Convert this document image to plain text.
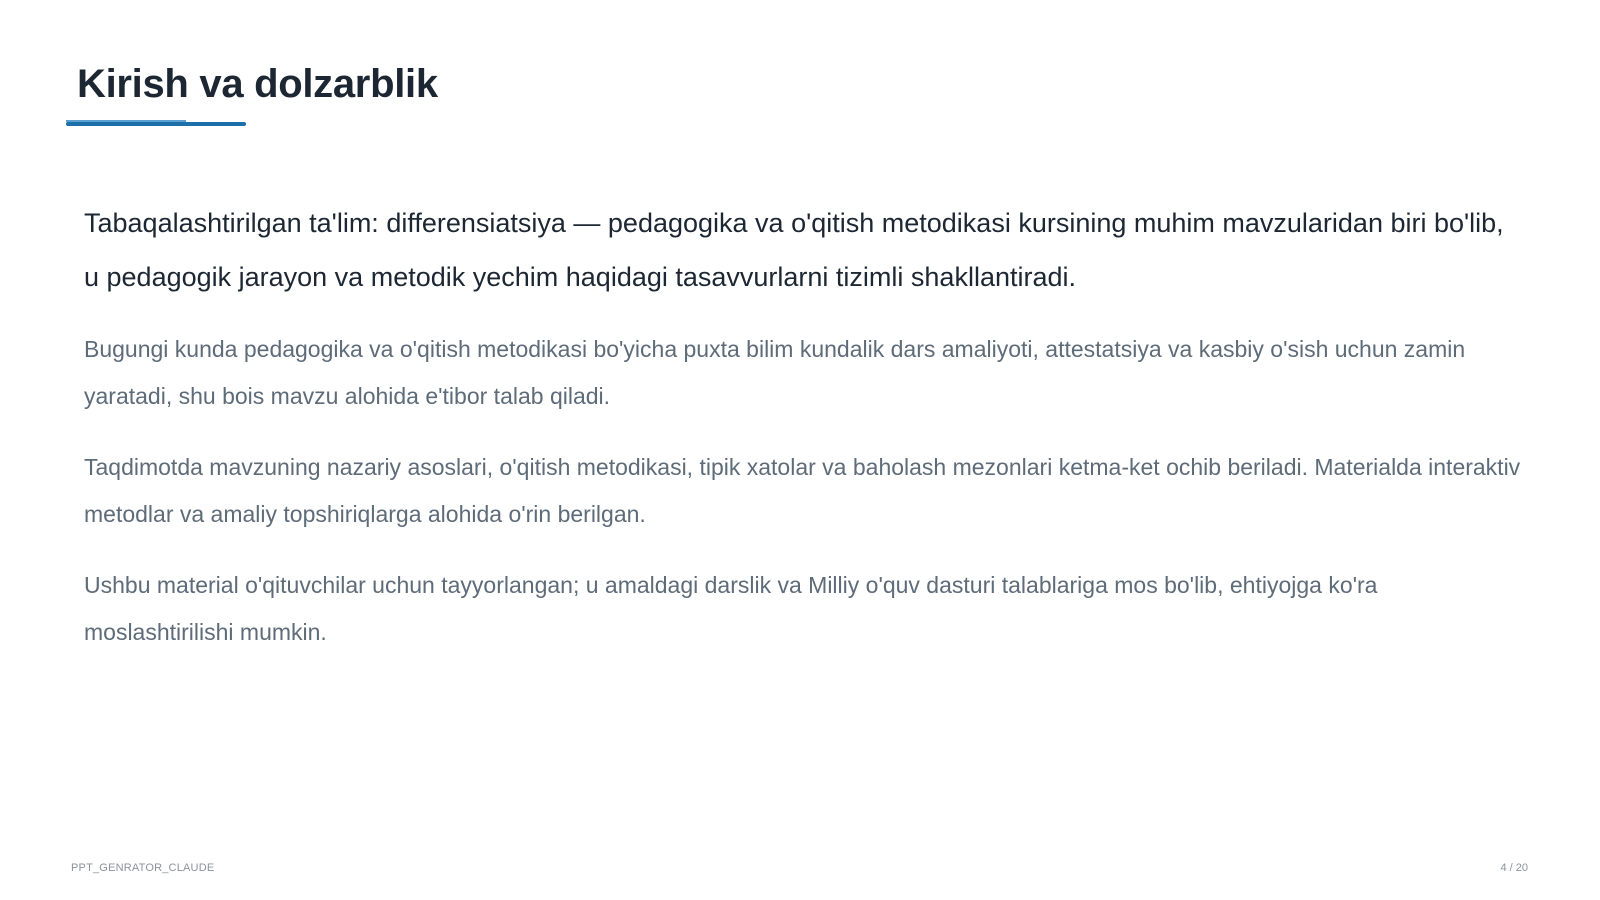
Kirish va dolzarblik

Tabaqalashtirilgan ta'lim: differensiatsiya — pedagogika va o'qitish metodikasi kursining muhim mavzularidan biri bo'lib, u pedagogik jarayon va metodik yechim haqidagi tasavvurlarni tizimli shakllantiradi.

Bugungi kunda pedagogika va o'qitish metodikasi bo'yicha puxta bilim kundalik dars amaliyoti, attestatsiya va kasbiy o'sish uchun zamin yaratadi, shu bois mavzu alohida e'tibor talab qiladi.

Taqdimotda mavzuning nazariy asoslari, o'qitish metodikasi, tipik xatolar va baholash mezonlari ketma-ket ochib beriladi. Materialda interaktiv metodlar va amaliy topshiriqlarga alohida o'rin berilgan.

Ushbu material o'qituvchilar uchun tayyorlangan; u amaldagi darslik va Milliy o'quv dasturi talablariga mos bo'lib, ehtiyojga ko'ra moslashtirilishi mumkin.

PPT_GENRATOR_CLAUDE	4 / 20
